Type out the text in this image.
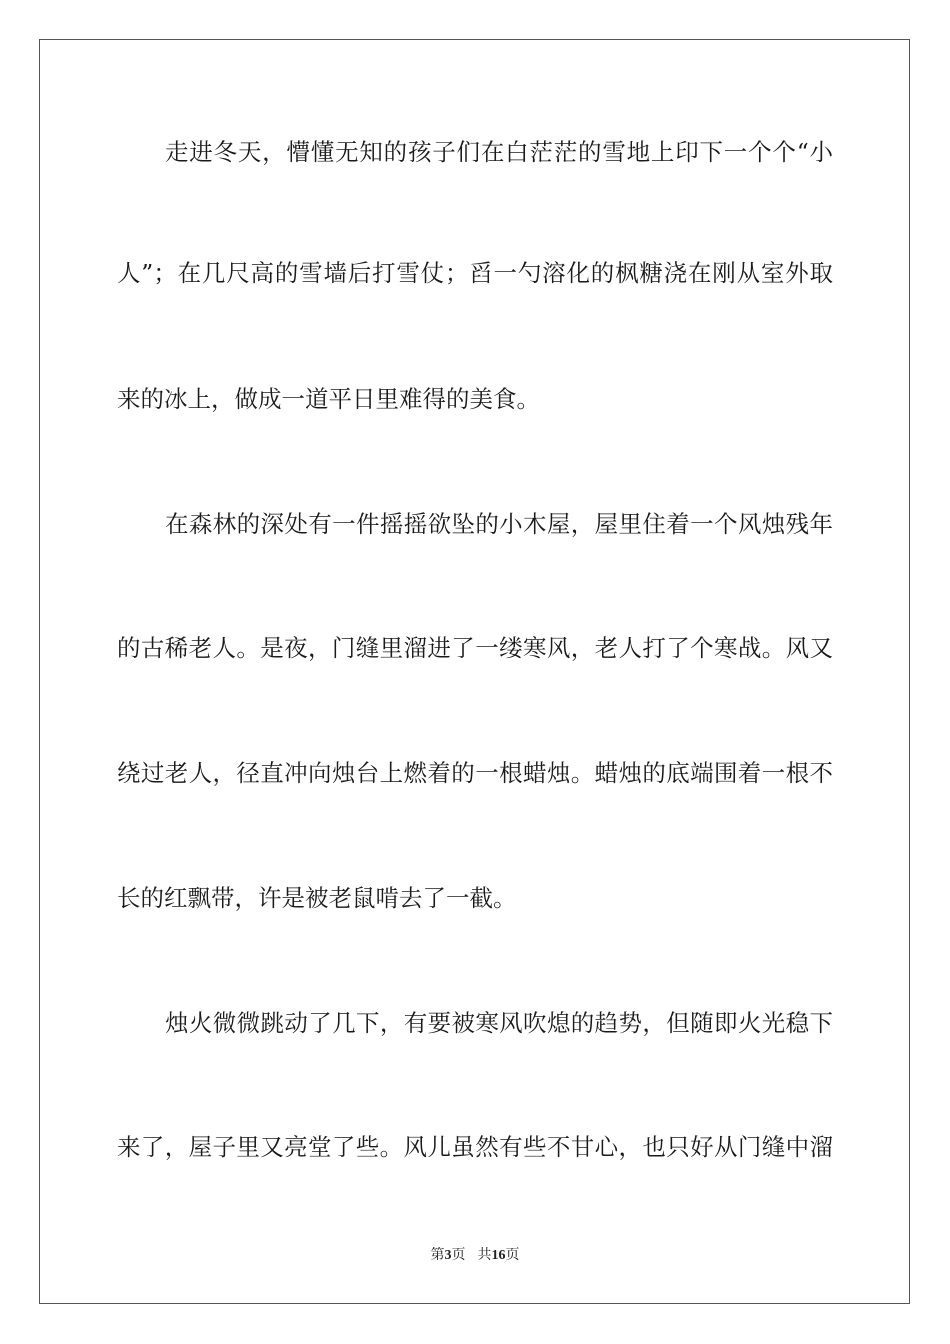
走进冬天，懵懂无知的孩子们在白茫茫的雪地上印下一个个“小
人”；在几尺高的雪墙后打雪仗；舀一勺溶化的枫糖浇在刚从室外取
来的冰上，做成一道平日里难得的美食。
在森林的深处有一件摇摇欲坠的小木屋，屋里住着一个风烛残年
的古稀老人。是夜，门缝里溜进了一缕寒风，老人打了个寒战。风又
绕过老人，径直冲向烛台上燃着的一根蜡烛。蜡烛的底端围着一根不
长的红飘带，许是被老鼠啃去了一截。
烛火微微跳动了几下，有要被寒风吹熄的趋势，但随即火光稳下
来了，屋子里又亮堂了些。风儿虽然有些不甘心，也只好从门缝中溜
第3页 共16页
